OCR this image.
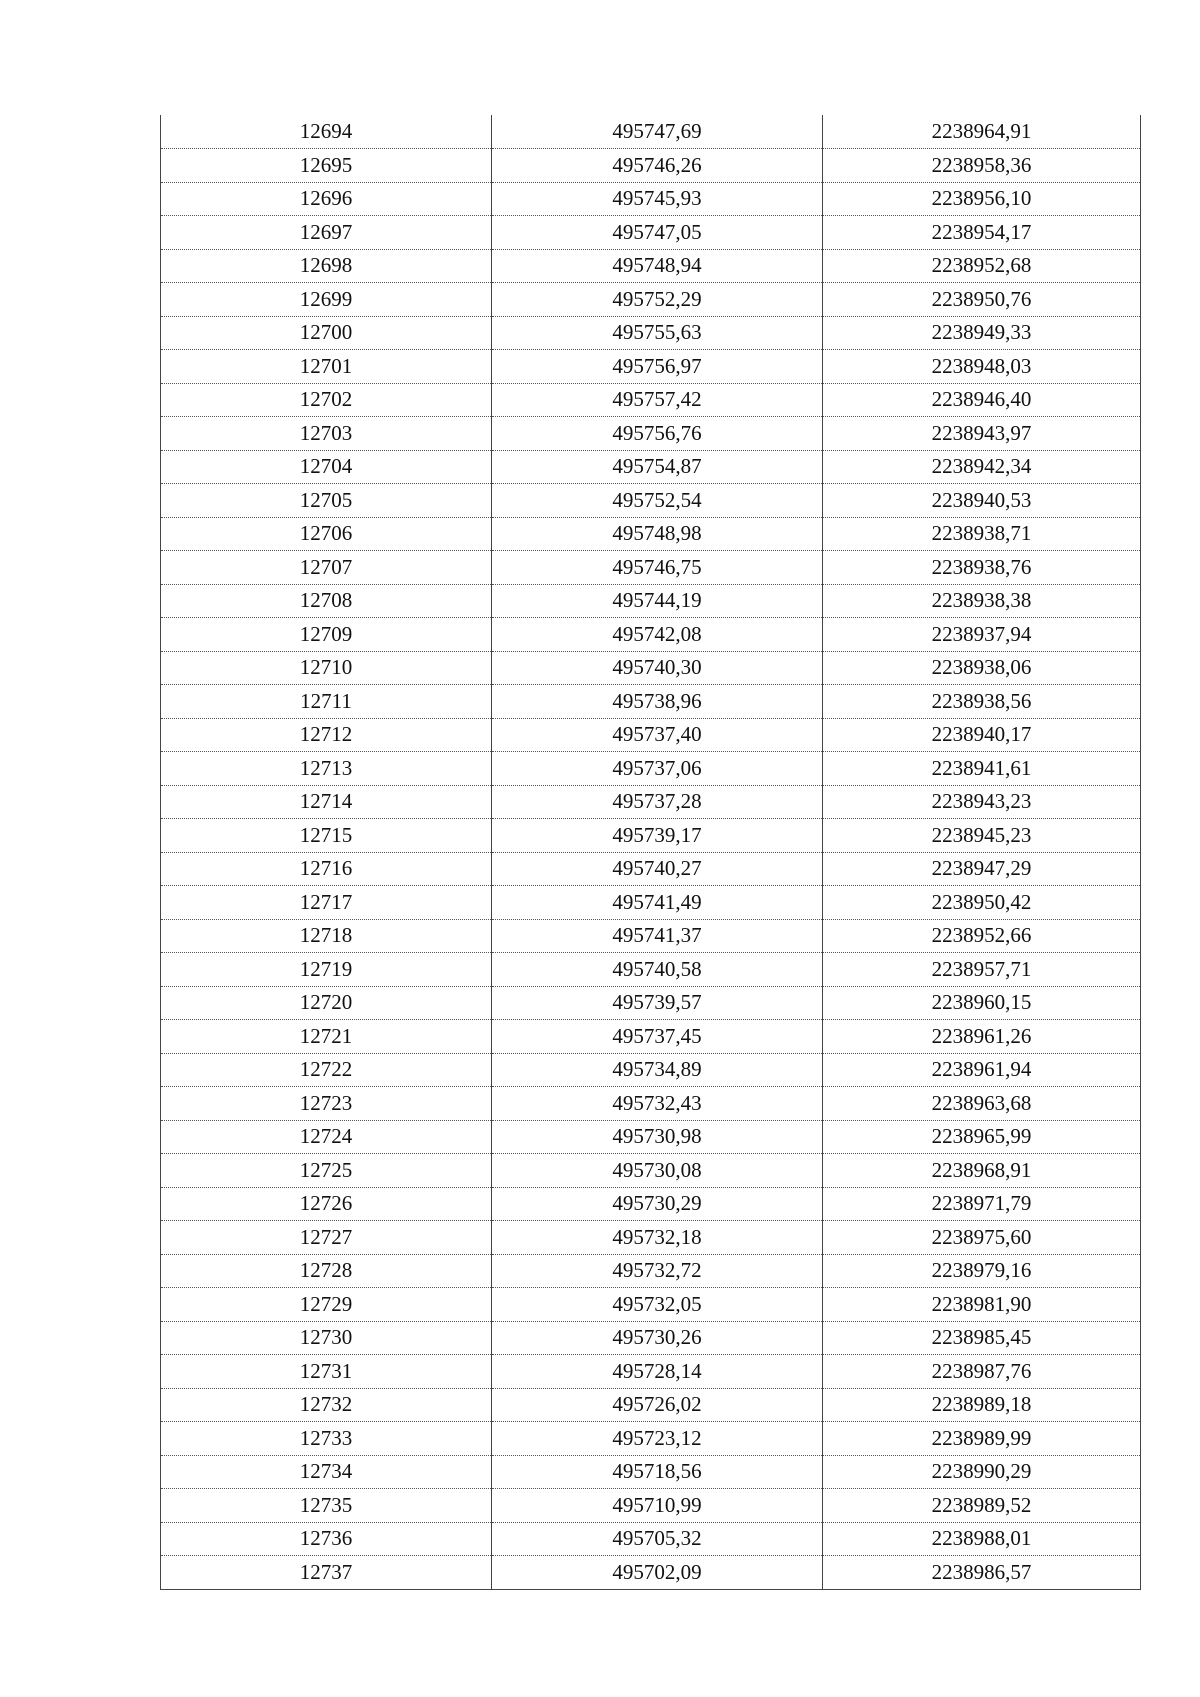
12694	495747,69	2238964,91
12695	495746,26	2238958,36
12696	495745,93	2238956,10
12697	495747,05	2238954,17
12698	495748,94	2238952,68
12699	495752,29	2238950,76
12700	495755,63	2238949,33
12701	495756,97	2238948,03
12702	495757,42	2238946,40
12703	495756,76	2238943,97
12704	495754,87	2238942,34
12705	495752,54	2238940,53
12706	495748,98	2238938,71
12707	495746,75	2238938,76
12708	495744,19	2238938,38
12709	495742,08	2238937,94
12710	495740,30	2238938,06
12711	495738,96	2238938,56
12712	495737,40	2238940,17
12713	495737,06	2238941,61
12714	495737,28	2238943,23
12715	495739,17	2238945,23
12716	495740,27	2238947,29
12717	495741,49	2238950,42
12718	495741,37	2238952,66
12719	495740,58	2238957,71
12720	495739,57	2238960,15
12721	495737,45	2238961,26
12722	495734,89	2238961,94
12723	495732,43	2238963,68
12724	495730,98	2238965,99
12725	495730,08	2238968,91
12726	495730,29	2238971,79
12727	495732,18	2238975,60
12728	495732,72	2238979,16
12729	495732,05	2238981,90
12730	495730,26	2238985,45
12731	495728,14	2238987,76
12732	495726,02	2238989,18
12733	495723,12	2238989,99
12734	495718,56	2238990,29
12735	495710,99	2238989,52
12736	495705,32	2238988,01
12737	495702,09	2238986,57
